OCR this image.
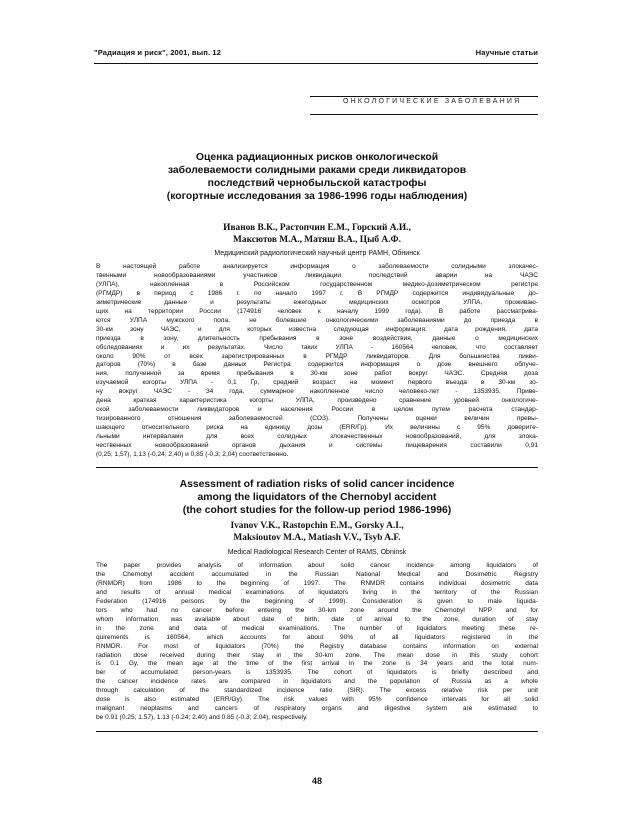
"Радиация и риск", 2001, вып. 12	Научные статьи
ОНКОЛОГИЧЕСКИЕ ЗАБОЛЕВАНИЯ
Оценка радиационных рисков онкологической
заболеваемости солидными раками среди ликвидаторов
последствий чернобыльской катастрофы
(когортные исследования за 1986-1996 годы наблюдения)
Иванов В.К., Растопчин Е.М., Горский А.И.,
Максютов М.А., Матяш В.А., Цыб А.Ф.
Медицинский радиологический научный центр РАМН, Обнинск
В настоящей работе анализируется информация о заболеваемости солидными злокачес-
твенными новообразованиями участников ликвидации последствий аварии на ЧАЭС
(УЛПА), накопленная в Российском государственном медико-дозиметрическом регистре
(РГМДР) в период с 1986 г. по начало 1997 г. В РГМДР содержится индивидуальные до-
зиметрические данные и результаты ежегодных медицинских осмотров УЛПА, проживаю-
щих на территории России (174916 человек к началу 1999 года). В работе рассматрива-
ются УЛПА мужского пола, не болевшие онкологическими заболеваниями до приезда в
30-км зону ЧАЭС, и для которых известна следующая информация: дата рождения, дата
приезда в зону, длительность пребывания в зоне воздействия, данные о медицинских
обследованиях и их результатах. Число таких УЛПА - 160564 человек, что составляет
около 90% от всех зарегистрированных в РГМДР ликвидаторов. Для большинства ликви-
даторов (70%) в базе данных Регистра содержится информация о дозе внешнего облуче-
ния, полученной за время пребывания в 30-км зоне работ вокруг ЧАЭС. Средняя доза
изучаемой когорты УЛПА - 0,1 Гр, средний возраст на момент первого въезда в 30-км зо-
ну вокруг ЧАЭС - 34 года, суммарное накопленное число человеко-лет - 1353935. Приве-
дена краткая характеристика когорты УЛПА, произведено сравнение уровней онкологиче-
ской заболеваемости ликвидаторов и населения России в целом путем расчета стандар-
тизированного отношения заболеваемостей (СОЗ). Получены оценки величин превы-
шающего относительного риска на единицу дозы (ERR/Гр). Их величины с 95% доверите-
льными интервалами для всех солидных злокачественных новообразований, для злока-
чественных новообразований органов дыхания и системы пищеварения составили 0,91
(0,25; 1,57), 1,13 (-0,24; 2,40) и 0,85 (-0,3; 2,04) соответственно.
Assessment of radiation risks of solid cancer incidence
among the liquidators of the Chernobyl accident
(the cohort studies for the follow-up period 1986-1996)
Ivanov V.K., Rastopchin E.M., Gorsky A.I.,
Maksioutov M.A., Matiash V.V., Tsyb A.F.
Medical Radiological Research Center of RAMS, Obninsk
The paper provides analysis of information about solid cancer incidence among liquidators of
the Chernobyl accident accumulated in the Russian National Medical and Dosimetric Registry
(RNMDR) from 1986 to the beginning of 1997. The RNMDR contains individual dosimetric data
and results of annual medical examinations of liquidators living in the territory of the Russian
Federation (174916 persons by the beginning of 1999). Consideration is given to male liquida-
tors who had no cancer before entering the 30-km zone around the Chernobyl NPP and for
whom information was available about date of birth, date of arrival to the zone, duration of stay
in the zone and data of medical examinations. The number of liquidators meeting these re-
quirements is 160564, which accounts for about 90% of all liquidators registered in the
RNMDR. For most of liquidators (70%) the Registry database contains information on external
radiation dose received during their stay in the 30-km zone. The mean dose in this study cohort
is 0.1 Gy, the mean age at the time of the first arrival in the zone is 34 years and the total num-
ber of accumulated person-years is 1353935. The cohort of liquidators is briefly described and
the cancer incidence rates are compared in liquidators and the population of Russia as a whole
through calculation of the standardized incidence ratio (SIR). The excess relative risk per unit
dose is also estimated (ERR/Gy). The risk values with 95% confidence intervals for all solid
malignant neoplasms and cancers of respiratory organs and digestive system are estimated to
be 0.91 (0.25; 1.57), 1.13 (-0.24; 2.40) and 0.85 (-0.3; 2.04), respectively.
48
